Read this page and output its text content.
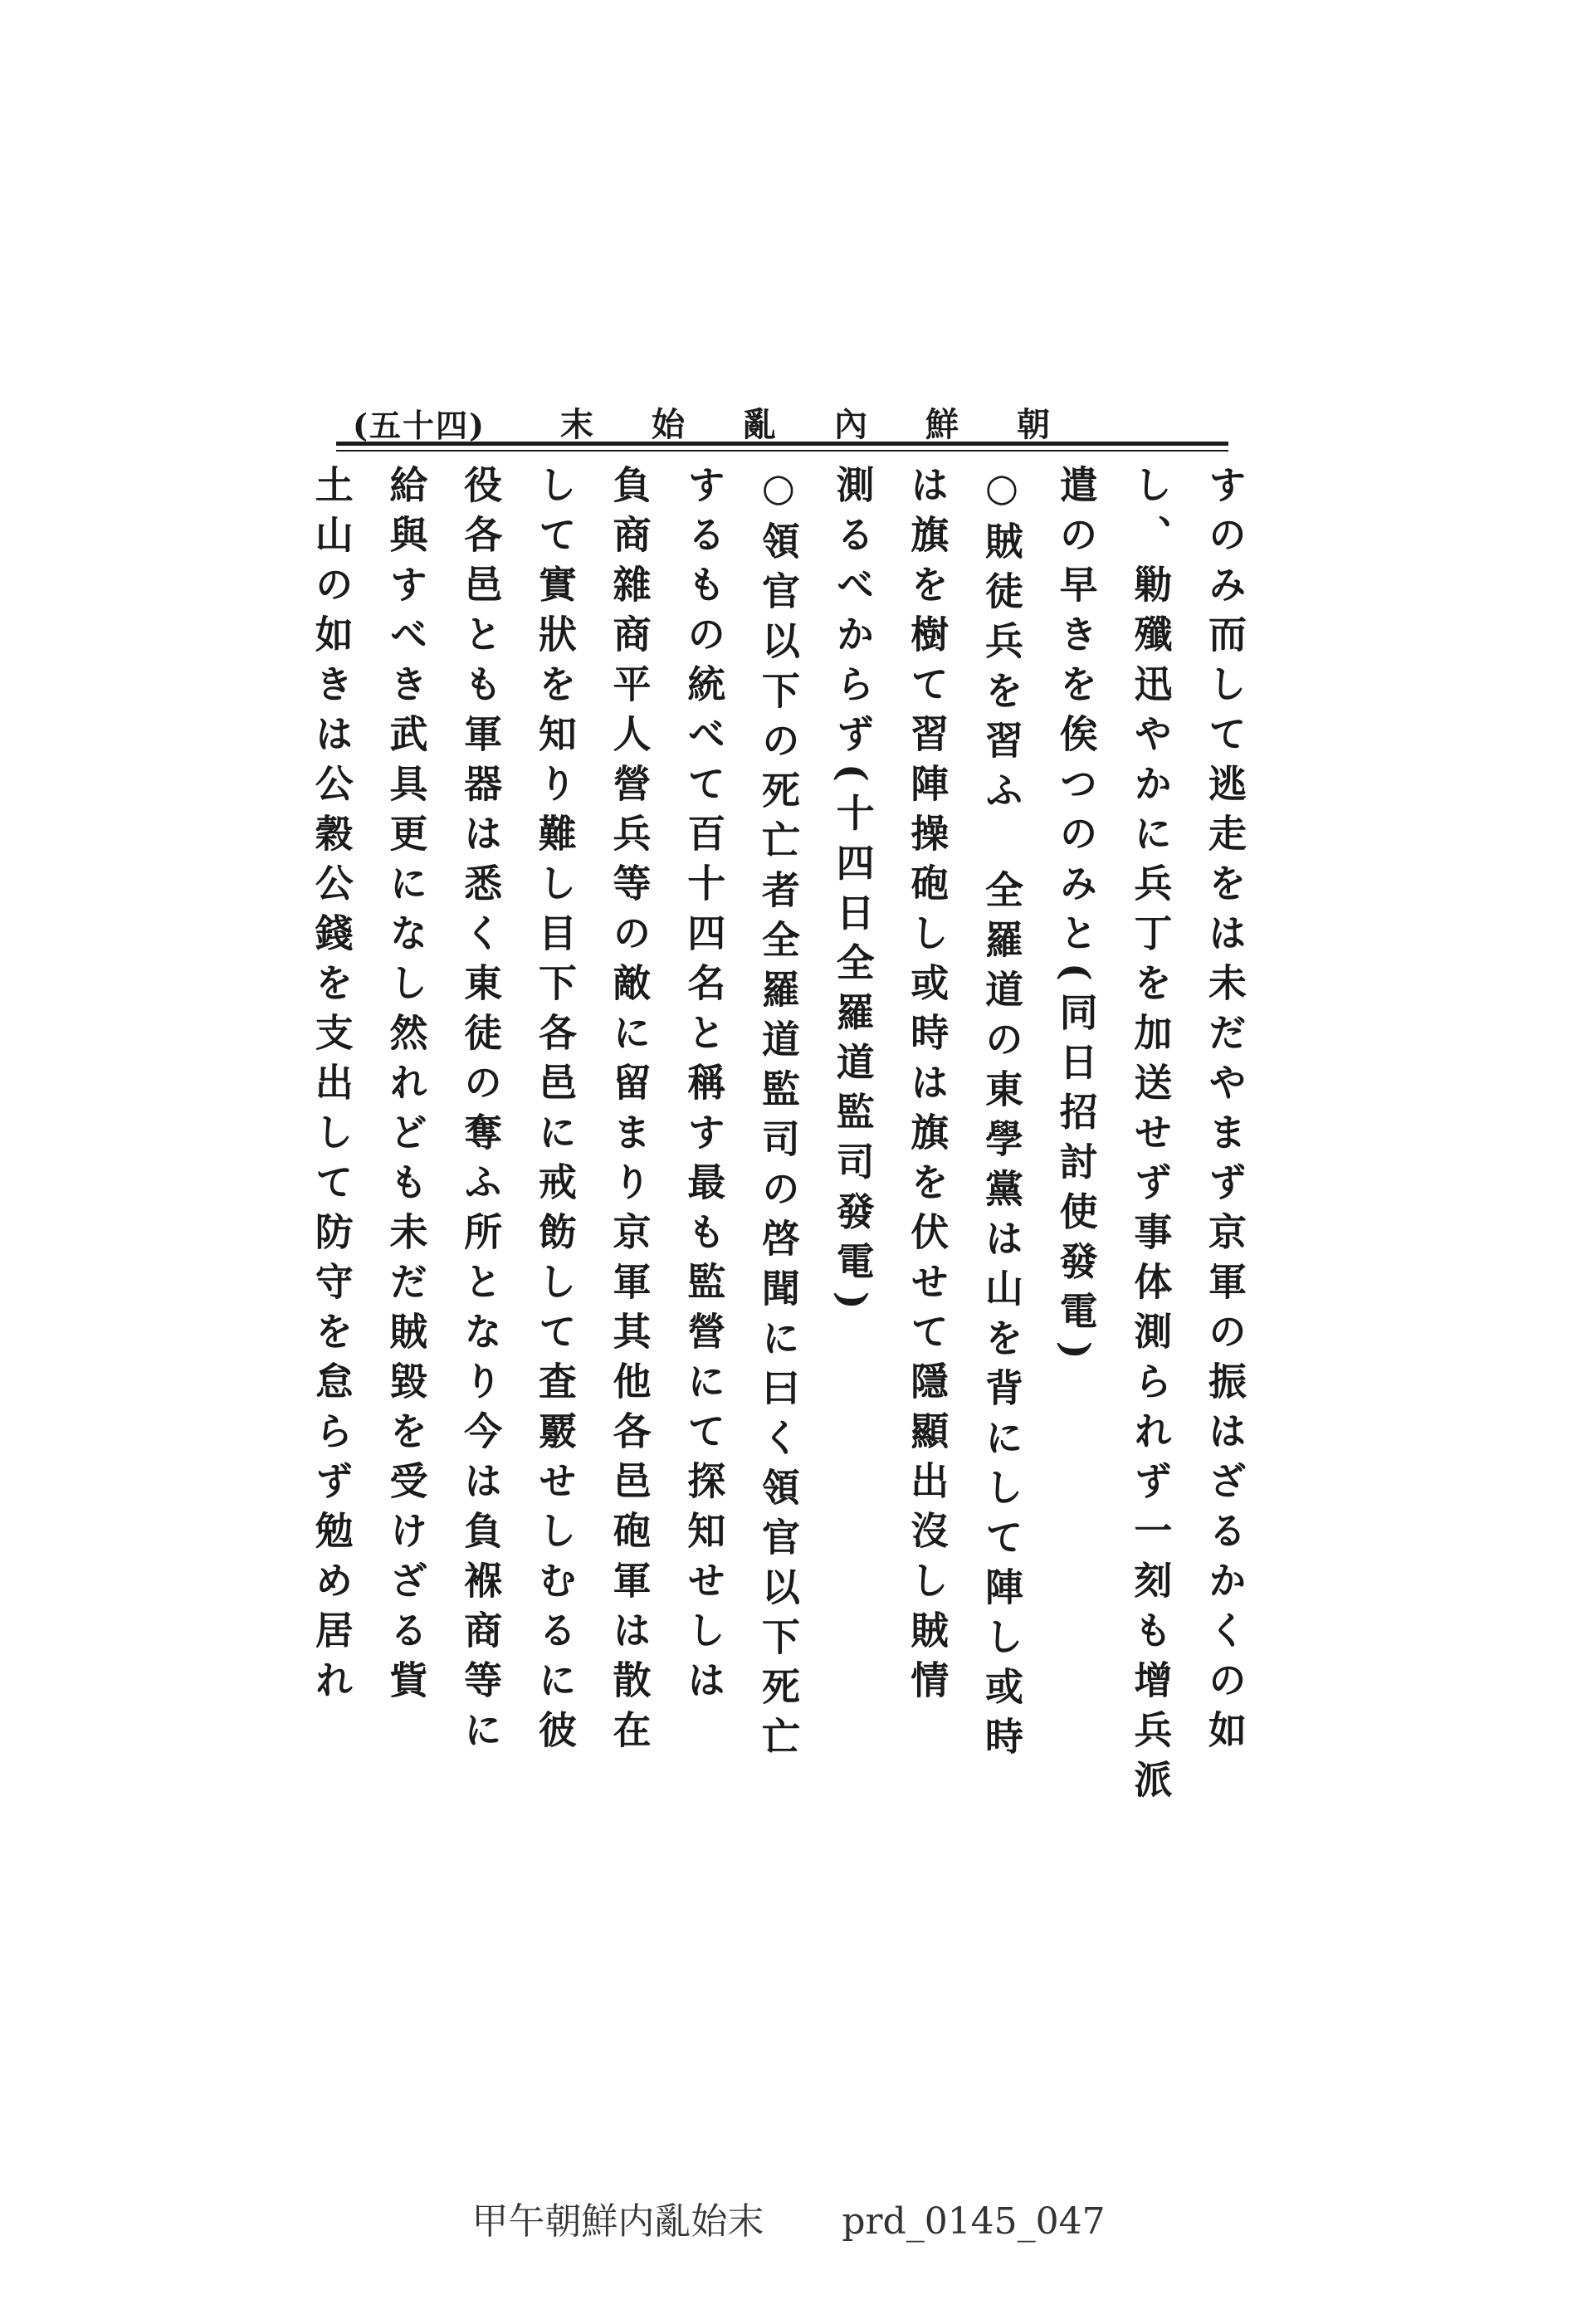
(五十四) 朝鮮內亂始末

すのみ而して逃走をは未だやまず京軍の振はざるかくの如

し、勦殲迅やかに兵丁を加送せず事体測られず一刻も增兵派

遣の早きを俟つのみと(同日招討使發電)

○賊徒兵を習ふ　全羅道の東學黨は山を背にして陣し或時

は旗を樹て習陣操砲し或時は旗を伏せて隱顯出沒し賊情

測るべからず(十四日全羅道監司發電)

○領官以下の死亡者全羅道監司の啓聞に曰く領官以下死亡

するもの統べて百十四名と稱す最も監營にて探知せしは

負商雜商平人營兵等の敵に留まり京軍其他各邑砲軍は散在

して實狀を知り難し目下各邑に戒飭して査覈せしむるに彼

役各邑とも軍器は悉く東徒の奪ふ所となり今は負褓商等に

給與すべき武具更になし然れども未だ賊毀を受けざる貲

土山の如きは公穀公錢を支出して防守を怠らず勉め居れ

甲午朝鮮内亂始末 prd_0145_047
